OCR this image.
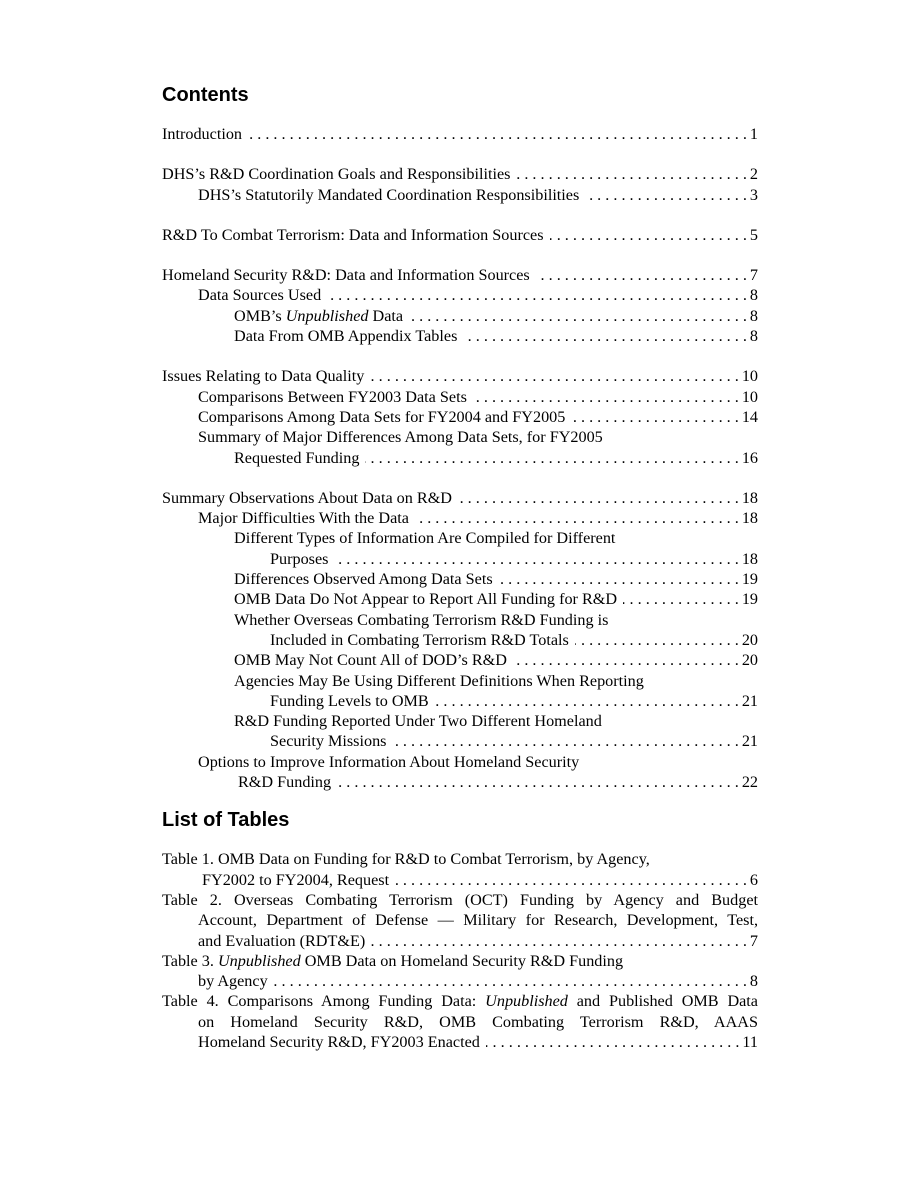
Contents
Introduction . . .	1
DHS’s R&D Coordination Goals and Responsibilities . . .	2
DHS’s Statutorily Mandated Coordination Responsibilities . . .	3
R&D To Combat Terrorism: Data and Information Sources . . .	5
Homeland Security R&D: Data and Information Sources . . .	7
Data Sources Used . . .	8
OMB’s Unpublished Data . . .	8
Data From OMB Appendix Tables . . .	8
Issues Relating to Data Quality . . .	10
Comparisons Between FY2003 Data Sets . . .	10
Comparisons Among Data Sets for FY2004 and FY2005 . . .	14
Summary of Major Differences Among Data Sets, for FY2005
Requested Funding . . .	16
Summary Observations About Data on R&D . . .	18
Major Difficulties With the Data . . .	18
Different Types of Information Are Compiled for Different
Purposes . . .	18
Differences Observed Among Data Sets . . .	19
OMB Data Do Not Appear to Report All Funding for R&D . . .	19
Whether Overseas Combating Terrorism R&D Funding is
Included in Combating Terrorism R&D Totals . . .	20
OMB May Not Count All of DOD’s R&D . . .	20
Agencies May Be Using Different Definitions When Reporting
Funding Levels to OMB . . .	21
R&D Funding Reported Under Two Different Homeland
Security Missions . . .	21
Options to Improve Information About Homeland Security
R&D Funding . . .	22
List of Tables
Table 1. OMB Data on Funding for R&D to Combat Terrorism, by Agency,
FY2002 to FY2004, Request . . .	6
Table 2. Overseas Combating Terrorism (OCT) Funding by Agency and Budget
Account, Department of Defense — Military for Research, Development, Test,
and Evaluation (RDT&E) . . .	7
Table 3. Unpublished OMB Data on Homeland Security R&D Funding
by Agency . . .	8
Table 4. Comparisons Among Funding Data: Unpublished and Published OMB Data
on Homeland Security R&D, OMB Combating Terrorism R&D, AAAS
Homeland Security R&D, FY2003 Enacted . . .	11
